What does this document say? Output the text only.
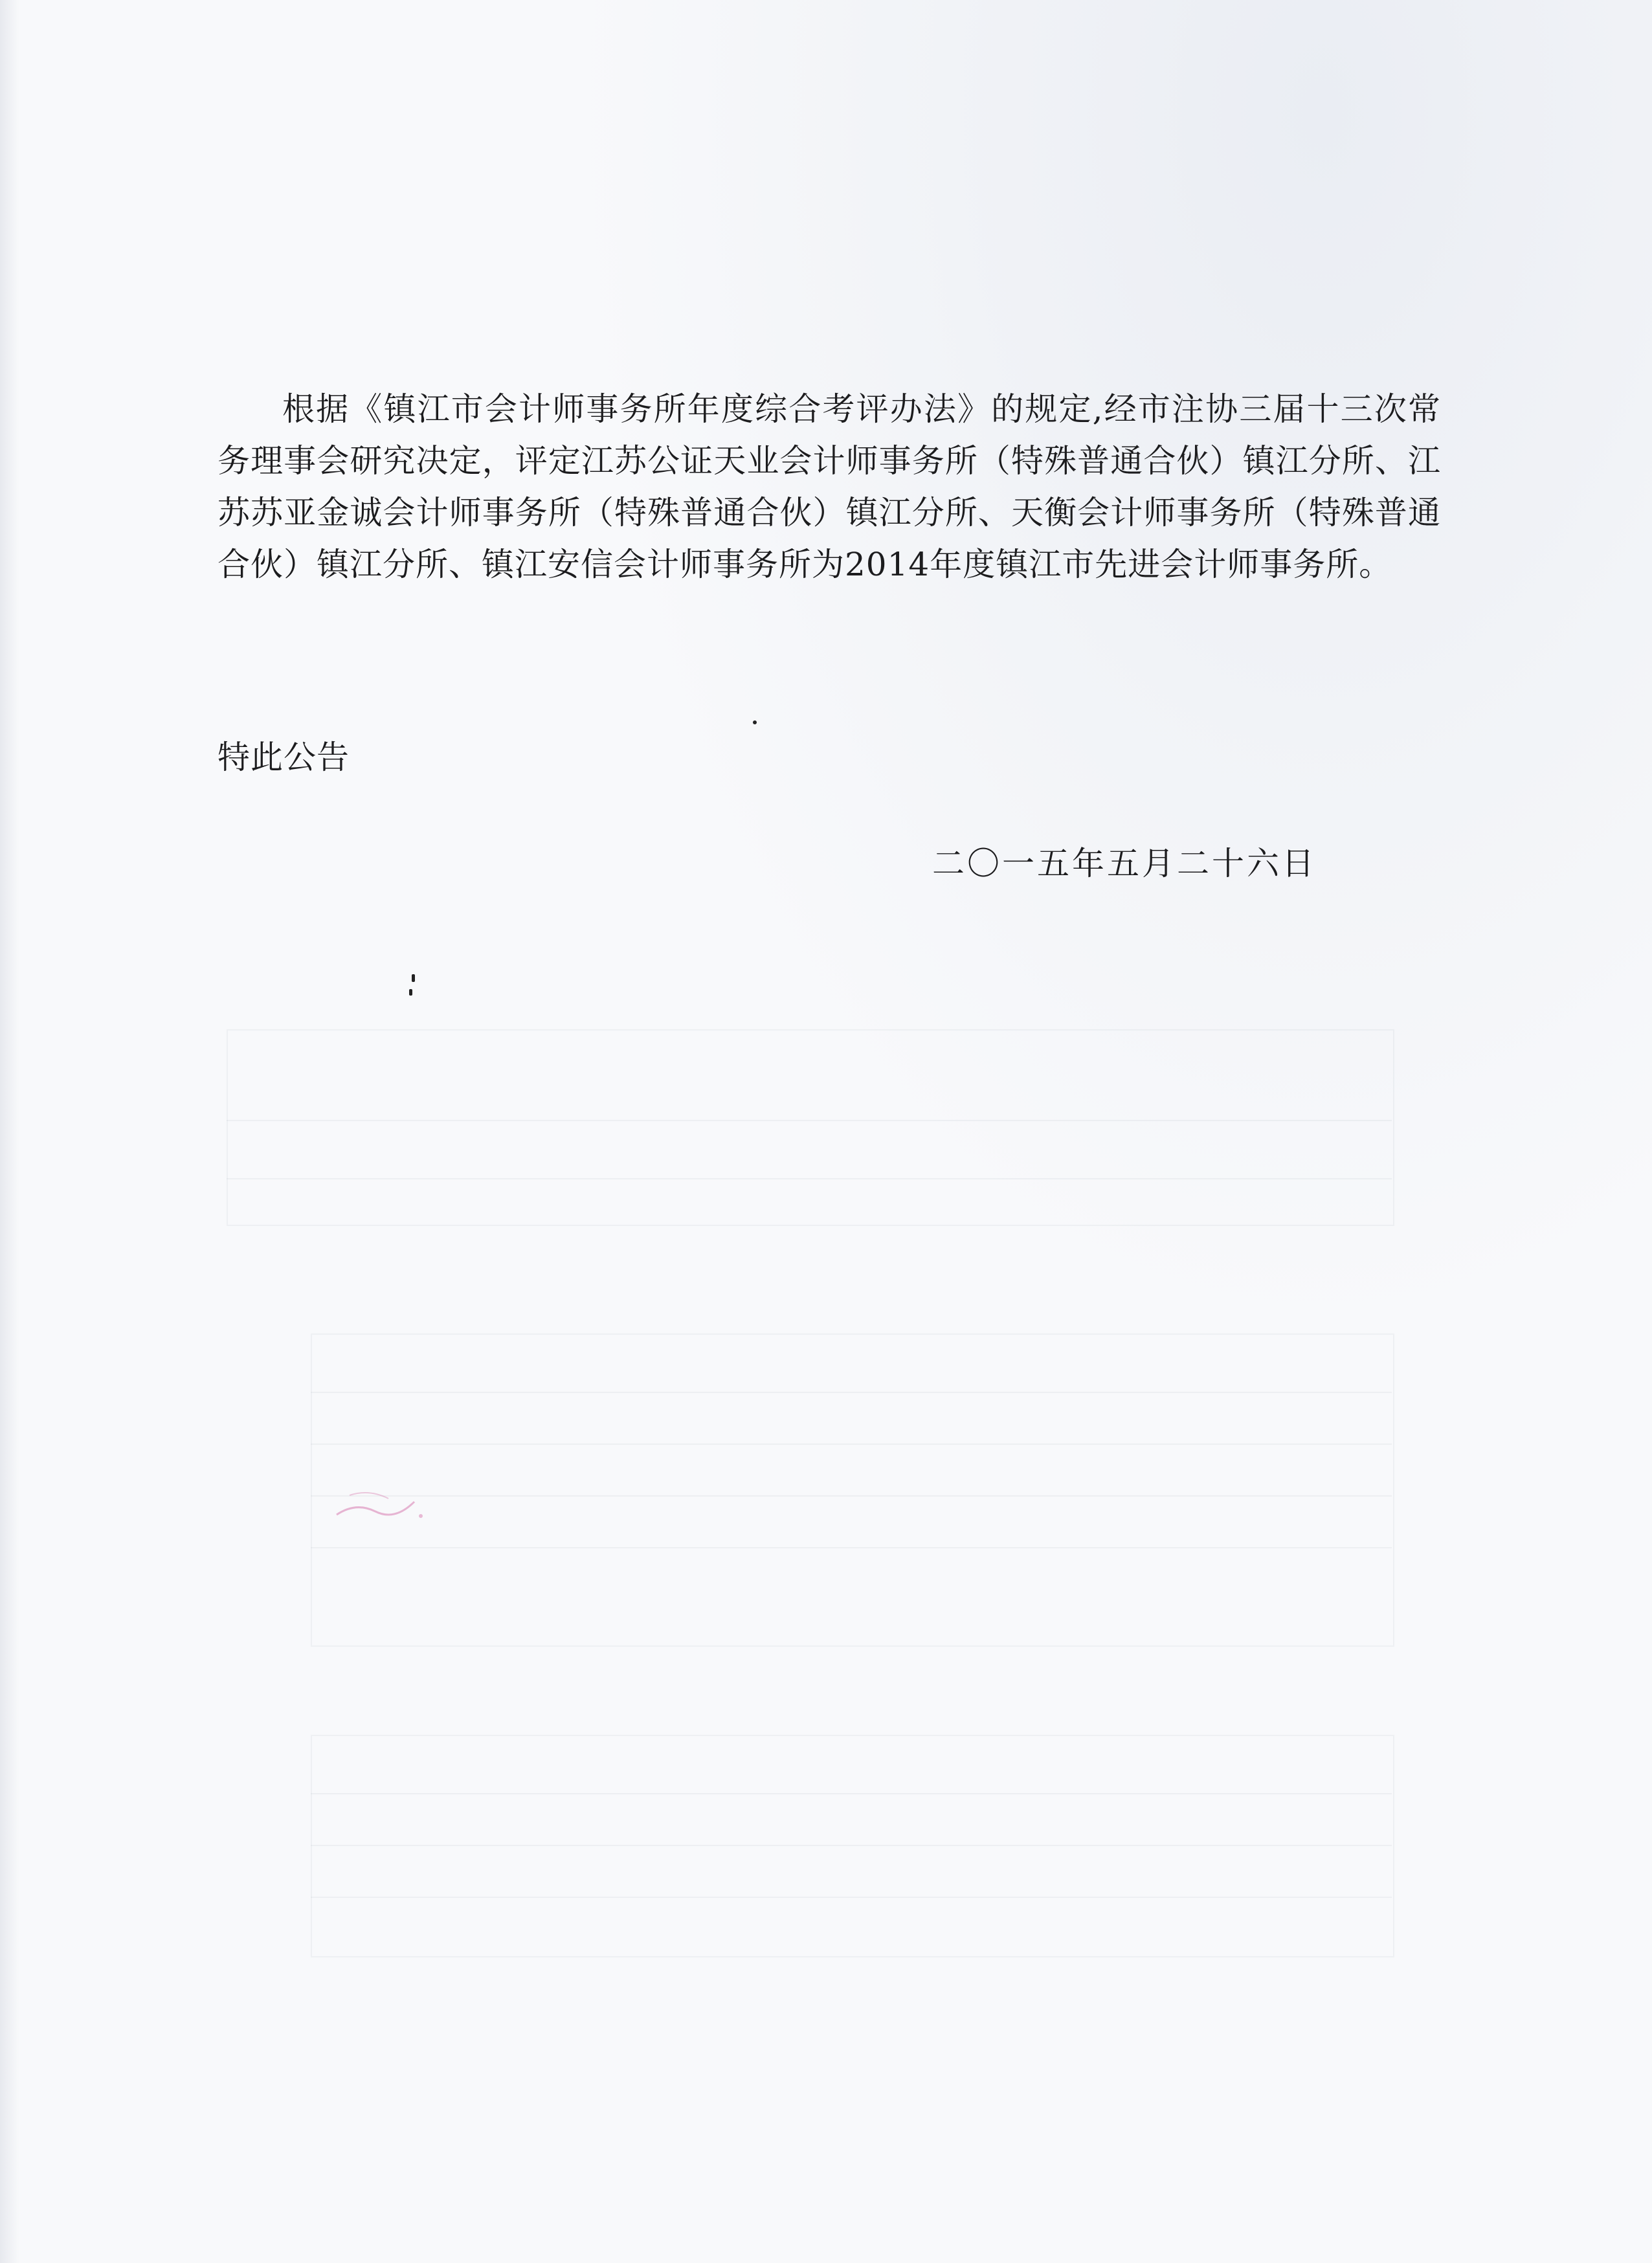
根据《镇江市会计师事务所年度综合考评办法》的规定,经市注协三届十三次常务理事会研究决定，评定江苏公证天业会计师事务所（特殊普通合伙）镇江分所、江苏苏亚金诚会计师事务所（特殊普通合伙）镇江分所、天衡会计师事务所（特殊普通合伙）镇江分所、镇江安信会计师事务所为2014年度镇江市先进会计师事务所。

特此公告

二〇一五年五月二十六日
